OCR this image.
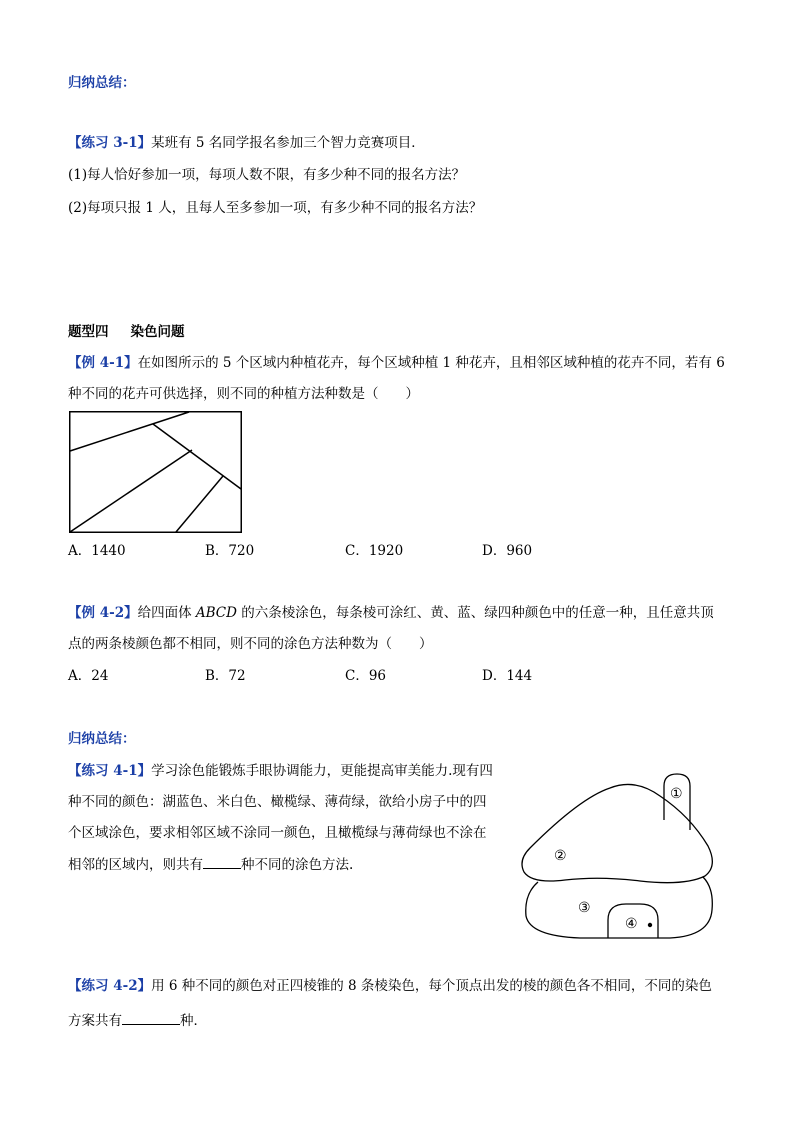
归纳总结：
【练习 3-1】某班有 5 名同学报名参加三个智力竞赛项目．
(1)每人恰好参加一项，每项人数不限，有多少种不同的报名方法？
(2)每项只报 1 人，且每人至多参加一项，有多少种不同的报名方法？
题型四 染色问题
【例 4-1】在如图所示的 5 个区域内种植花卉，每个区域种植 1 种花卉，且相邻区域种植的花卉不同，若有 6
种不同的花卉可供选择，则不同的种植方法种数是（　　）
A．1440	B．720	C．1920	D．960
【例 4-2】给四面体 ABCD 的六条棱涂色，每条棱可涂红、黄、蓝、绿四种颜色中的任意一种，且任意共顶
点的两条棱颜色都不相同，则不同的涂色方法种数为（　　）
A．24	B．72	C．96	D．144
归纳总结：
【练习 4-1】学习涂色能锻炼手眼协调能力，更能提高审美能力.现有四
种不同的颜色：湖蓝色、米白色、橄榄绿、薄荷绿，欲给小房子中的四
个区域涂色，要求相邻区域不涂同一颜色，且橄榄绿与薄荷绿也不涂在
相邻的区域内，则共有	种不同的涂色方法.
①
②
③
④
【练习 4-2】用 6 种不同的颜色对正四棱锥的 8 条棱染色，每个顶点出发的棱的颜色各不相同，不同的染色
方案共有	种．
